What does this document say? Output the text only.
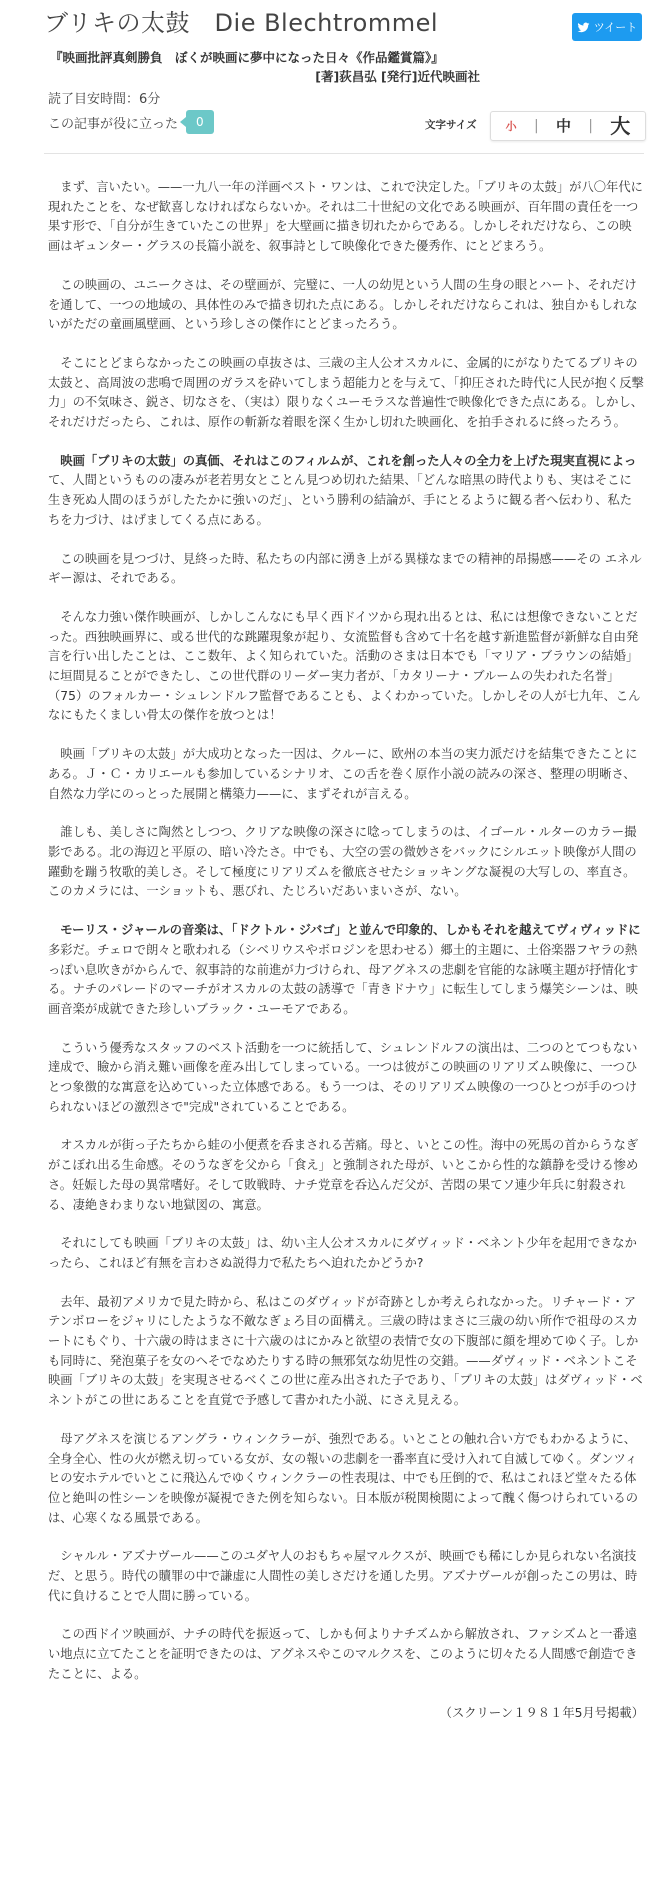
ブリキの太鼓　Die Blechtrommel	ツイート
『映画批評真剣勝負　ぼくが映画に夢中になった日々《作品鑑賞篇》』
[著]荻昌弘 [発行]近代映画社
読了目安時間：6分
この記事が役に立った	0	文字サイズ	小 | 中 | 大

まず、言いたい。——一九八一年の洋画ベスト・ワンは、これで決定した。「ブリキの太鼓」が八〇年代に現れたことを、なぜ歓喜しなければならないか。それは二十世紀の文化である映画が、百年間の責任を一つ果す形で、「自分が生きていたこの世界」を大壁画に描き切れたからである。しかしそれだけなら、この映画はギュンター・グラスの長篇小説を、叙事詩として映像化できた優秀作、にとどまろう。

この映画の、ユニークさは、その壁画が、完璧に、一人の幼児という人間の生身の眼とハート、それだけを通して、一つの地域の、具体性のみで描き切れた点にある。しかしそれだけならこれは、独自かもしれないがただの童画風壁画、という珍しさの傑作にとどまったろう。

そこにとどまらなかったこの映画の卓抜さは、三歳の主人公オスカルに、金属的にがなりたてるブリキの太鼓と、高周波の悲鳴で周囲のガラスを砕いてしまう超能力とを与えて、「抑圧された時代に人民が抱く反撃力」の不気味さ、鋭さ、切なさを、（実は）限りなくユーモラスな普遍性で映像化できた点にある。しかし、それだけだったら、これは、原作の斬新な着眼を深く生かし切れた映画化、を拍手されるに終ったろう。

映画「ブリキの太鼓」の真価、それはこのフィルムが、これを創った人々の全力を上げた現実直視によって、人間というものの凄みが老若男女とことん見つめ切れた結果、「どんな暗黒の時代よりも、実はそこに生き死ぬ人間のほうがしたたかに強いのだ」、という勝利の結論が、手にとるように観る者へ伝わり、私たちを力づけ、はげましてくる点にある。

この映画を見つづけ、見終った時、私たちの内部に湧き上がる異様なまでの精神的昂揚感——その エネルギー源は、それである。

そんな力強い傑作映画が、しかしこんなにも早く西ドイツから現れ出るとは、私には想像できないことだった。西独映画界に、或る世代的な跳躍現象が起り、女流監督も含めて十名を越す新進監督が新鮮な自由発言を行い出したことは、ここ数年、よく知られていた。活動のさまは日本でも「マリア・ブラウンの結婚」に垣間見ることができたし、この世代群のリーダー実力者が、「カタリーナ・ブルームの失われた名誉」（75）のフォルカー・シュレンドルフ監督であることも、よくわかっていた。しかしその人が七九年、こんなにもたくましい骨太の傑作を放つとは！

映画「ブリキの太鼓」が大成功となった一因は、クルーに、欧州の本当の実力派だけを結集できたことにある。Ｊ・Ｃ・カリエールも参加しているシナリオ、この舌を巻く原作小説の読みの深さ、整理の明晰さ、自然な力学にのっとった展開と構築力——に、まずそれが言える。

誰しも、美しさに陶然としつつ、クリアな映像の深さに唸ってしまうのは、イゴール・ルターのカラー撮影である。北の海辺と平原の、暗い冷たさ。中でも、大空の雲の微妙さをバックにシルエット映像が人間の躍動を蹦う牧歌的美しさ。そして極度にリアリズムを徹底させたショッキングな凝視の大写しの、率直さ。このカメラには、一ショットも、悪びれ、たじろいだあいまいさが、ない。

モーリス・ジャールの音楽は、「ドクトル・ジバゴ」と並んで印象的、しかもそれを越えてヴィヴィッドに多彩だ。チェロで朗々と歌われる（シベリウスやボロジンを思わせる）郷土的主題に、土俗楽器フヤラの熱っぽい息吹きがからんで、叙事詩的な前進が力づけられ、母アグネスの悲劇を官能的な詠嘆主題が抒情化する。ナチのパレードのマーチがオスカルの太鼓の誘導で「青きドナウ」に転生してしまう爆笑シーンは、映画音楽が成就できた珍しいブラック・ユーモアである。

こういう優秀なスタッフのベスト活動を一つに統括して、シュレンドルフの演出は、二つのとてつもない達成で、瞼から消え難い画像を産み出してしまっている。一つは彼がこの映画のリアリズム映像に、一つひとつ象徴的な寓意を込めていった立体感である。もう一つは、そのリアリズム映像の一つひとつが手のつけられないほどの激烈さで"完成"されていることである。

オスカルが街っ子たちから蛙の小便煮を呑まされる苦痛。母と、いとこの性。海中の死馬の首からうなぎがこぼれ出る生命感。そのうなぎを父から「食え」と強制された母が、いとこから性的な鎮静を受ける惨めさ。妊娠した母の異常嗜好。そして敗戦時、ナチ党章を呑込んだ父が、苦悶の果てソ連少年兵に射殺される、凄絶きわまりない地獄図の、寓意。

それにしても映画「ブリキの太鼓」は、幼い主人公オスカルにダヴィッド・ベネント少年を起用できなかったら、これほど有無を言わさぬ説得力で私たちへ迫れたかどうか?

去年、最初アメリカで見た時から、私はこのダヴィッドが奇跡としか考えられなかった。リチャード・アテンボローをジャリにしたような不敵なぎょろ目の面構え。三歳の時はまさに三歳の幼い所作で祖母のスカートにもぐり、十六歳の時はまさに十六歳のはにかみと欲望の表情で女の下腹部に顔を埋めてゆく子。しかも同時に、発泡菓子を女のヘそでなめたりする時の無邪気な幼児性の交錯。——ダヴィッド・ベネントこそ映画「ブリキの太鼓」を実現させるべくこの世に産み出された子であり、「ブリキの太鼓」はダヴィッド・ベネントがこの世にあることを直覚で予感して書かれた小説、にさえ見える。

母アグネスを演じるアングラ・ウィンクラーが、強烈である。いとことの触れ合い方でもわかるように、全身全心、性の火が燃え切っている女が、女の報いの悲劇を一番率直に受け入れて自滅してゆく。ダンツィヒの安ホテルでいとこに飛込んでゆくウィンクラーの性表現は、中でも圧倒的で、私はこれほど堂々たる体位と絶叫の性シーンを映像が凝視できた例を知らない。日本版が税関検閲によって醜く傷つけられているのは、心寒くなる風景である。

シャルル・アズナヴール——このユダヤ人のおもちゃ屋マルクスが、映画でも稀にしか見られない名演技だ、と思う。時代の贖罪の中で謙虚に人間性の美しさだけを通した男。アズナヴールが創ったこの男は、時代に負けることで人間に勝っている。

この西ドイツ映画が、ナチの時代を振返って、しかも何よりナチズムから解放され、ファシズムと一番遠い地点に立てたことを証明できたのは、アグネスやこのマルクスを、このように切々たる人間感で創造できたことに、よる。

（スクリーン１９８１年5月号掲載）
